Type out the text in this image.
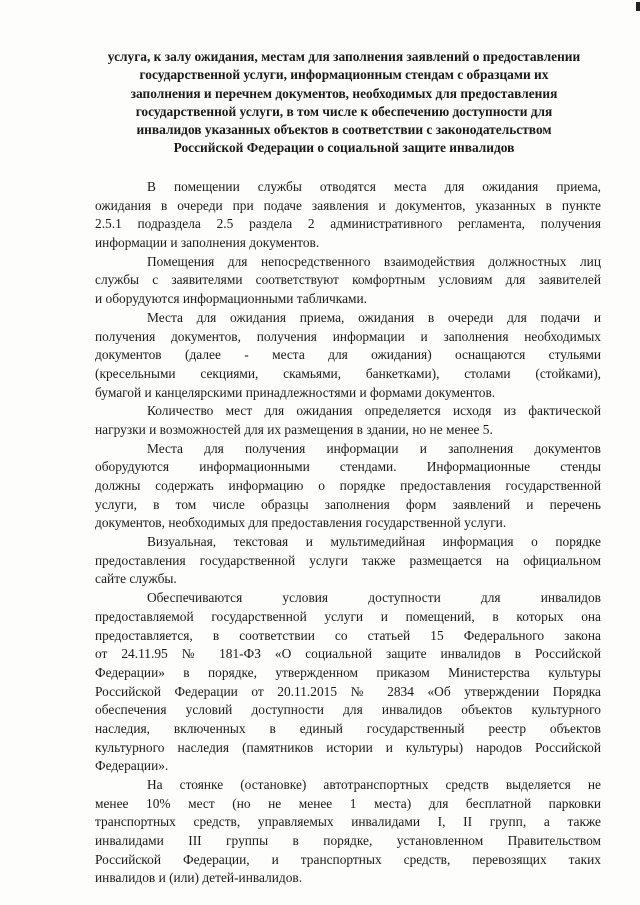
услуга, к залу ожидания, местам для заполнения заявлений о предоставлении
государственной услуги, информационным стендам с образцами их
заполнения и перечнем документов, необходимых для предоставления
государственной услуги, в том числе к обеспечению доступности для
инвалидов указанных объектов в соответствии с законодательством
Российской Федерации о социальной защите инвалидов
В помещении службы отводятся места для ожидания приема,
ожидания в очереди при подаче заявления и документов, указанных в пункте
2.5.1 подраздела 2.5 раздела 2 административного регламента, получения
информации и заполнения документов.
Помещения для непосредственного взаимодействия должностных лиц
службы с заявителями соответствуют комфортным условиям для заявителей
и оборудуются информационными табличками.
Места для ожидания приема, ожидания в очереди для подачи и
получения документов, получения информации и заполнения необходимых
документов (далее - места для ожидания) оснащаются стульями
(кресельными секциями, скамьями, банкетками), столами (стойками),
бумагой и канцелярскими принадлежностями и формами документов.
Количество мест для ожидания определяется исходя из фактической
нагрузки и возможностей для их размещения в здании, но не менее 5.
Места для получения информации и заполнения документов
оборудуются информационными стендами. Информационные стенды
должны содержать информацию о порядке предоставления государственной
услуги, в том числе образцы заполнения форм заявлений и перечень
документов, необходимых для предоставления государственной услуги.
Визуальная, текстовая и мультимедийная информация о порядке
предоставления государственной услуги также размещается на официальном
сайте службы.
Обеспечиваются условия доступности для инвалидов
предоставляемой государственной услуги и помещений, в которых она
предоставляется, в соответствии со статьей 15 Федерального закона
от 24.11.95 № 181-ФЗ «О социальной защите инвалидов в Российской
Федерации» в порядке, утвержденном приказом Министерства культуры
Российской Федерации от 20.11.2015 № 2834 «Об утверждении Порядка
обеспечения условий доступности для инвалидов объектов культурного
наследия, включенных в единый государственный реестр объектов
культурного наследия (памятников истории и культуры) народов Российской
Федерации».
На стоянке (остановке) автотранспортных средств выделяется не
менее 10% мест (но не менее 1 места) для бесплатной парковки
транспортных средств, управляемых инвалидами I, II групп, а также
инвалидами III группы в порядке, установленном Правительством
Российской Федерации, и транспортных средств, перевозящих таких
инвалидов и (или) детей-инвалидов.
